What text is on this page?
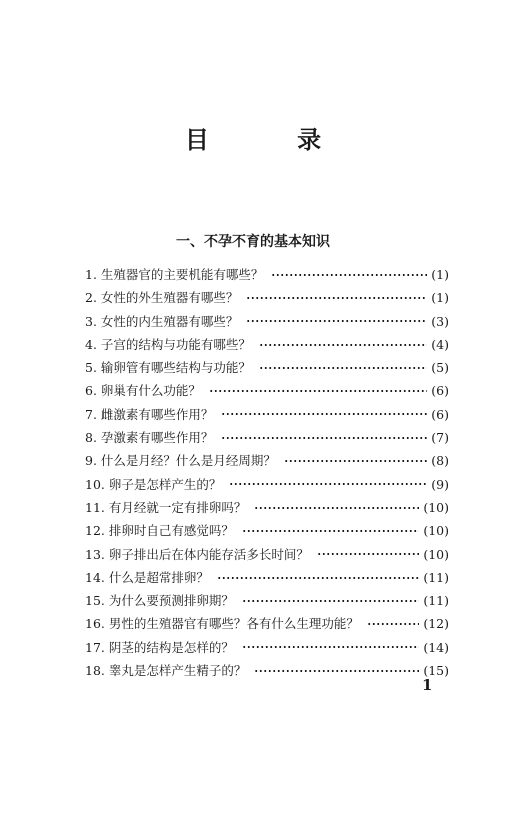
目 录
一、不孕不育的基本知识
1. 生殖器官的主要机能有哪些？	(1)
2. 女性的外生殖器有哪些？	(1)
3. 女性的内生殖器有哪些？	(3)
4. 子宫的结构与功能有哪些？	(4)
5. 输卵管有哪些结构与功能？	(5)
6. 卵巢有什么功能？	(6)
7. 雌激素有哪些作用？	(6)
8. 孕激素有哪些作用？	(7)
9. 什么是月经？什么是月经周期？	(8)
10. 卵子是怎样产生的？	(9)
11. 有月经就一定有排卵吗？	(10)
12. 排卵时自己有感觉吗？	(10)
13. 卵子排出后在体内能存活多长时间？	(10)
14. 什么是超常排卵？	(11)
15. 为什么要预测排卵期？	(11)
16. 男性的生殖器官有哪些？各有什么生理功能？	(12)
17. 阴茎的结构是怎样的？	(14)
18. 睾丸是怎样产生精子的？	(15)
1
